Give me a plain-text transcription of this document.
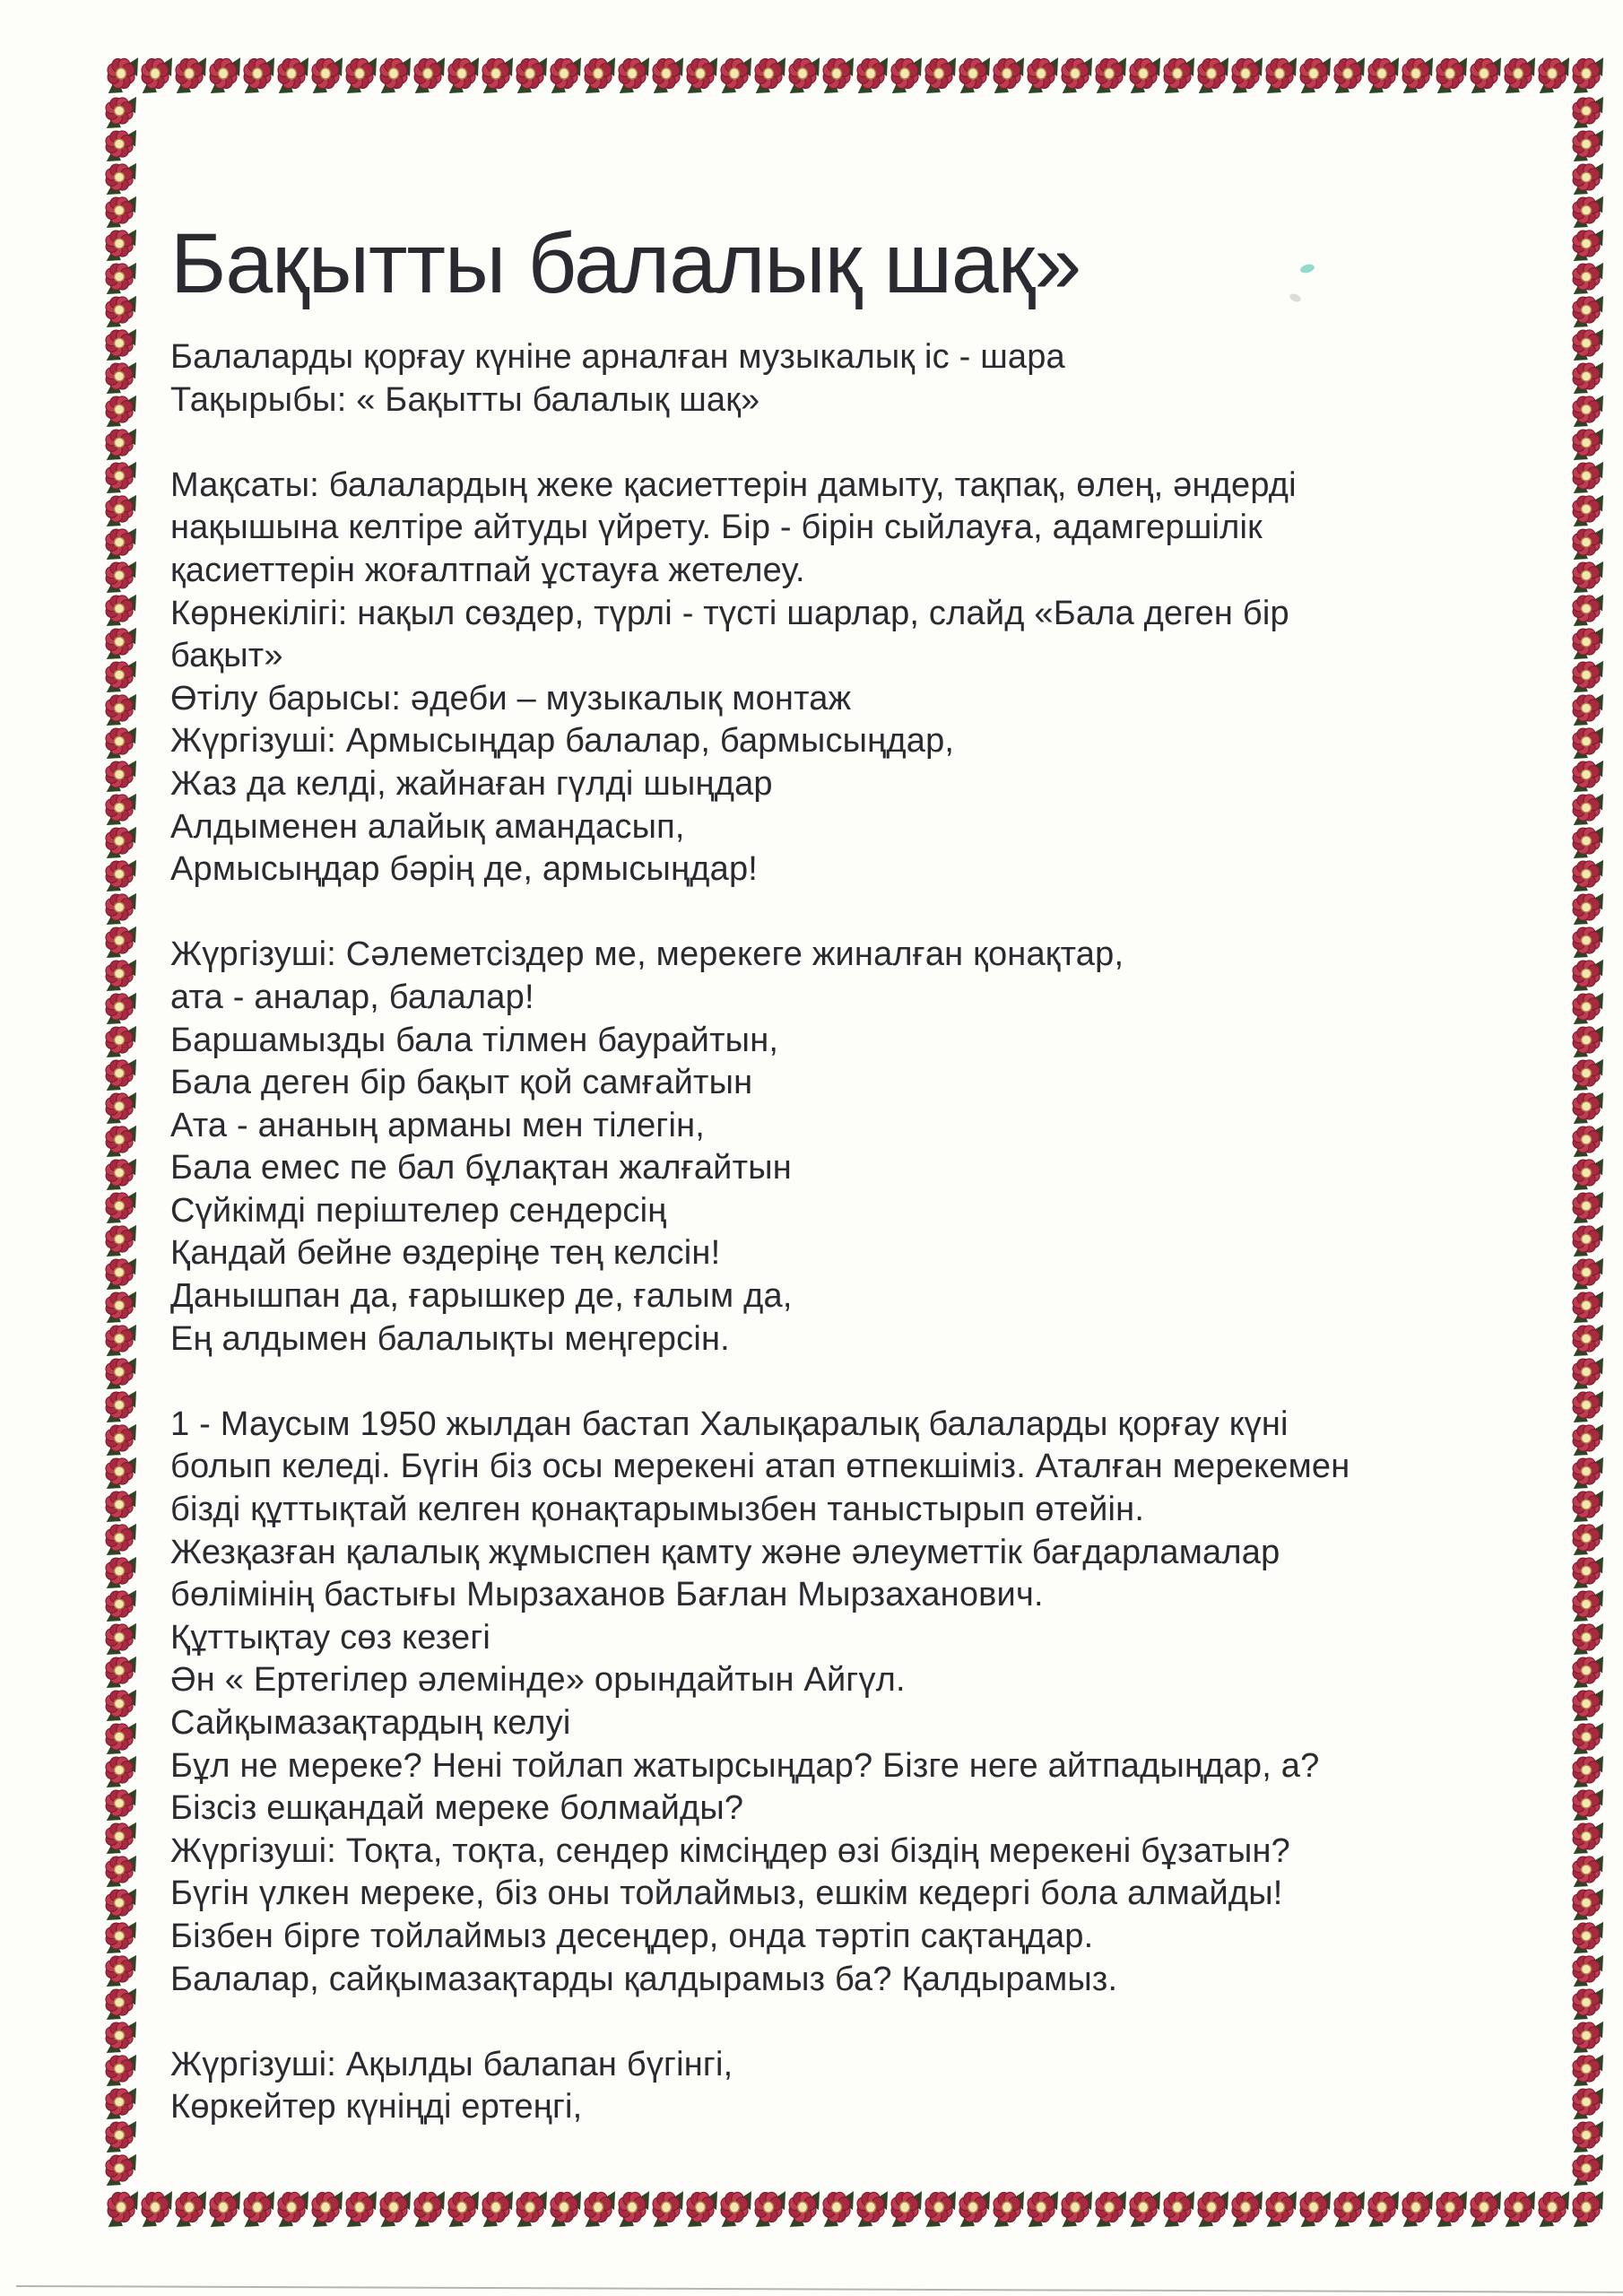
Бақытты балалық шақ»
Балаларды қорғау күніне арналған музыкалық іс - шара
Тақырыбы: « Бақытты балалық шақ»

Мақсаты: балалардың жеке қасиеттерін дамыту, тақпақ, өлең, әндерді
нақышына келтіре айтуды үйрету. Бір - бірін сыйлауға, адамгершілік
қасиеттерін жоғалтпай ұстауға жетелеу.
Көрнекілігі: нақыл сөздер, түрлі - түсті шарлар, слайд «Бала деген бір
бақыт»
Өтілу барысы: әдеби – музыкалық монтаж
Жүргізуші: Армысыңдар балалар, бармысыңдар,
Жаз да келді, жайнаған гүлді шыңдар
Алдыменен алайық амандасып,
Армысыңдар бәрің де, армысыңдар!

Жүргізуші: Сәлеметсіздер ме, мерекеге жиналған қонақтар,
ата - аналар, балалар!
Баршамызды бала тілмен баурайтын,
Бала деген бір бақыт қой самғайтын
Ата - ананың арманы мен тілегін,
Бала емес пе бал бұлақтан жалғайтын
Сүйкімді періштелер сендерсің
Қандай бейне өздеріңе тең келсін!
Данышпан да, ғарышкер де, ғалым да,
Ең алдымен балалықты меңгерсін.

1 - Маусым 1950 жылдан бастап Халықаралық балаларды қорғау күні
болып келеді. Бүгін біз осы мерекені атап өтпекшіміз. Аталған мерекемен
бізді құттықтай келген қонақтарымызбен таныстырып өтейін.
Жезқазған қалалық жұмыспен қамту және әлеуметтік бағдарламалар
бөлімінің бастығы Мырзаханов Бағлан Мырзаханович.
Құттықтау сөз кезегі
Ән « Ертегілер әлемінде» орындайтын Айгүл.
Сайқымазақтардың келуі
Бұл не мереке? Нені тойлап жатырсыңдар? Бізге неге айтпадыңдар, а?
Бізсіз ешқандай мереке болмайды?
Жүргізуші: Тоқта, тоқта, сендер кімсіңдер өзі біздің мерекені бұзатын?
Бүгін үлкен мереке, біз оны тойлаймыз, ешкім кедергі бола алмайды!
Бізбен бірге тойлаймыз десеңдер, онда тәртіп сақтаңдар.
Балалар, сайқымазақтарды қалдырамыз ба? Қалдырамыз.

Жүргізуші: Ақылды балапан бүгінгі,
Көркейтер күніңді ертеңгі,
